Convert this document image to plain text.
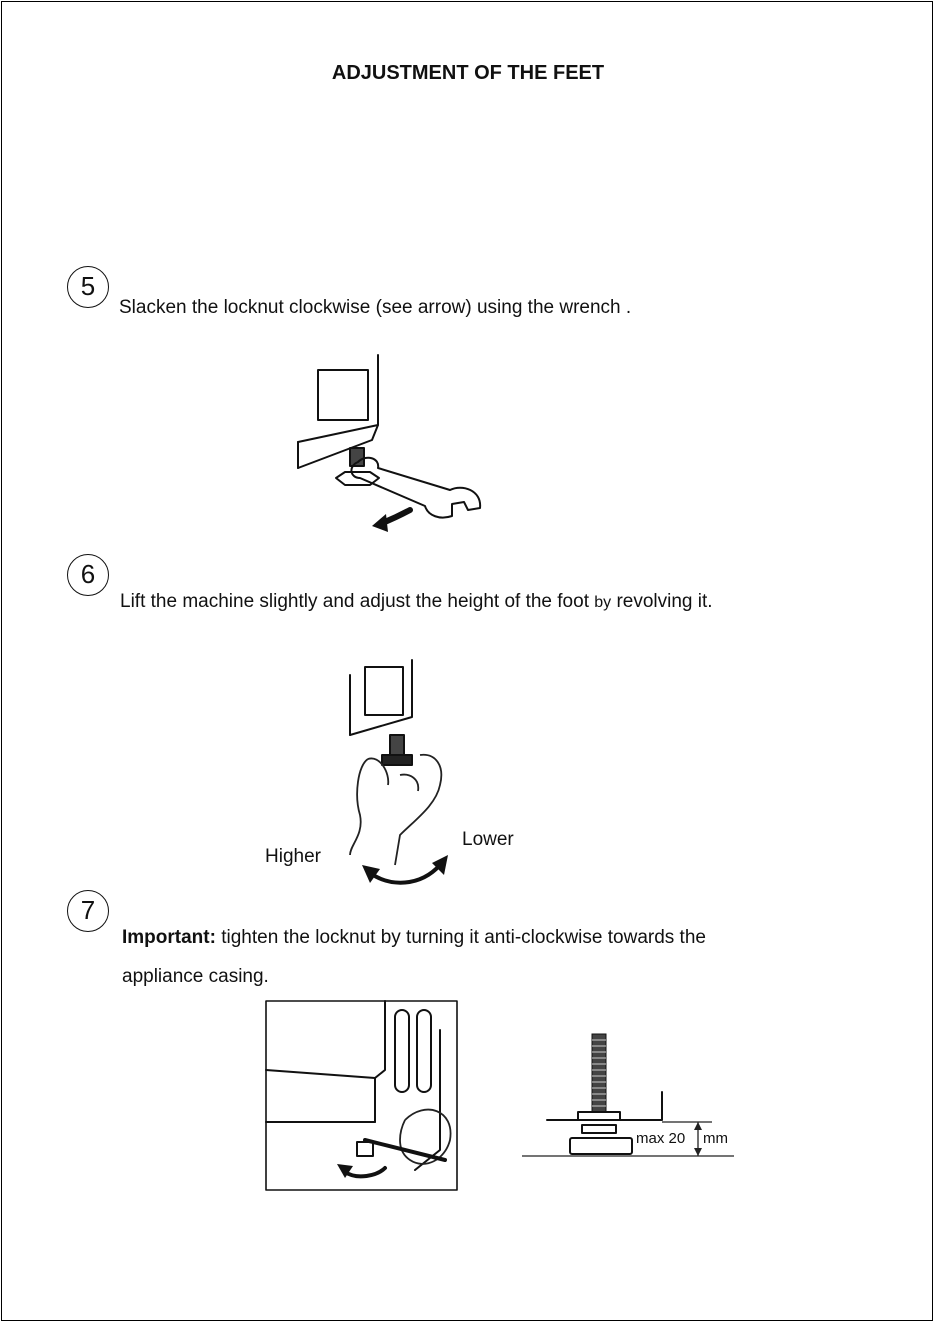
ADJUSTMENT OF THE FEET
5
Slacken the locknut clockwise (see arrow) using the wrench .
6
Lift the machine slightly and adjust the height of the foot by revolving it.
Higher
Lower
7
Important: tighten the locknut by turning it anti-clockwise towards the
appliance casing.
max 20 mm
